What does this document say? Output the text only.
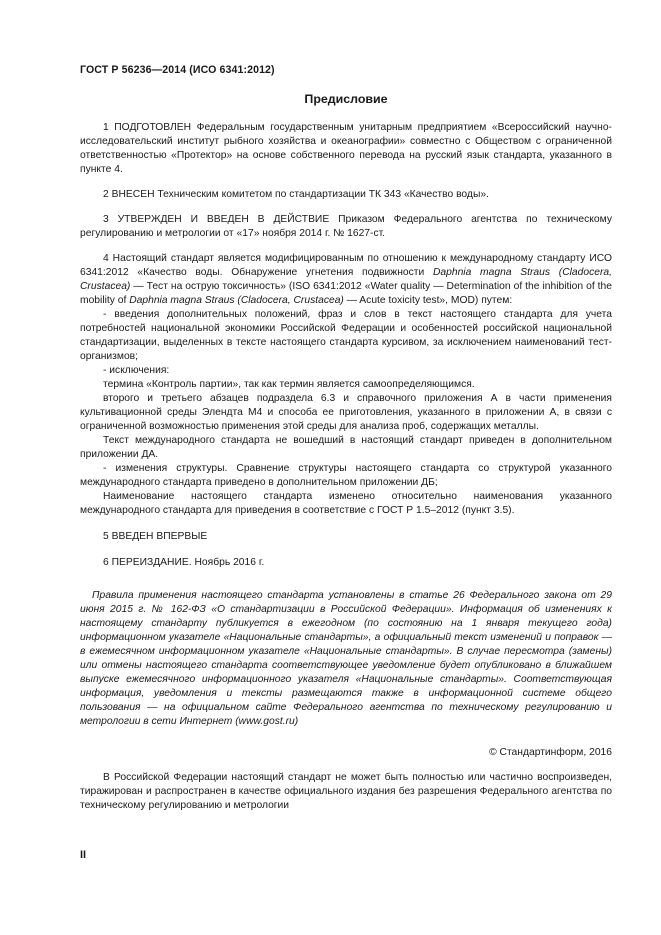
ГОСТ Р 56236—2014 (ИСО 6341:2012)
Предисловие

1 ПОДГОТОВЛЕН Федеральным государственным унитарным предприятием «Всероссийский научно-исследовательский институт рыбного хозяйства и океанографии» совместно с Обществом с ограниченной ответственностью «Протектор» на основе собственного перевода на русский язык стандарта, указанного в пункте 4.

2 ВНЕСЕН Техническим комитетом по стандартизации ТК 343 «Качество воды».

3 УТВЕРЖДЕН И ВВЕДЕН В ДЕЙСТВИЕ Приказом Федерального агентства по техническому регулированию и метрологии от «17» ноября 2014 г. № 1627-ст.

4 Настоящий стандарт является модифицированным по отношению к международному стандарту ИСО 6341:2012 «Качество воды. Обнаружение угнетения подвижности Daphnia magna Straus (Cladocera, Crustacea) — Тест на острую токсичность» (ISO 6341:2012 «Water quality — Determination of the inhibition of the mobility of Daphnia magna Straus (Cladocera, Crustacea) — Acute toxicity test», MOD) путем:

- введения дополнительных положений, фраз и слов в текст настоящего стандарта для учета потребностей национальной экономики Российской Федерации и особенностей российской национальной стандартизации, выделенных в тексте настоящего стандарта курсивом, за исключением наименований тест-организмов;

- исключения:

термина «Контроль партии», так как термин является самоопределяющимся.

второго и третьего абзацев подраздела 6.3 и справочного приложения А в части применения культивационной среды Элендта М4 и способа ее приготовления, указанного в приложении А, в связи с ограниченной возможностью применения этой среды для анализа проб, содержащих металлы.

Текст международного стандарта не вошедший в настоящий стандарт приведен в дополнительном приложении ДА.

- изменения структуры. Сравнение структуры настоящего стандарта со структурой указанного международного стандарта приведено в дополнительном приложении ДБ;

Наименование настоящего стандарта изменено относительно наименования указанного международного стандарта для приведения в соответствие с ГОСТ Р 1.5–2012 (пункт 3.5).

5 ВВЕДЕН ВПЕРВЫЕ

6 ПЕРЕИЗДАНИЕ. Ноябрь 2016 г.

Правила применения настоящего стандарта установлены в статье 26 Федерального закона от 29 июня 2015 г. № 162-ФЗ «О стандартизации в Российской Федерации». Информация об изменениях к настоящему стандарту публикуется в ежегодном (по состоянию на 1 января текущего года) информационном указателе «Национальные стандарты», а официальный текст изменений и поправок — в ежемесячном информационном указателе «Национальные стандарты». В случае пересмотра (замены) или отмены настоящего стандарта соответствующее уведомление будет опубликовано в ближайшем выпуске ежемесячного информационного указателя «Национальные стандарты». Соответствующая информация, уведомления и тексты размещаются также в информационной системе общего пользования — на официальном сайте Федерального агентства по техническому регулированию и метрологии в сети Интернет (www.gost.ru)
© Стандартинформ, 2016
В Российской Федерации настоящий стандарт не может быть полностью или частично воспроизведен, тиражирован и распространен в качестве официального издания без разрешения Федерального агентства по техническому регулированию и метрологии
II
